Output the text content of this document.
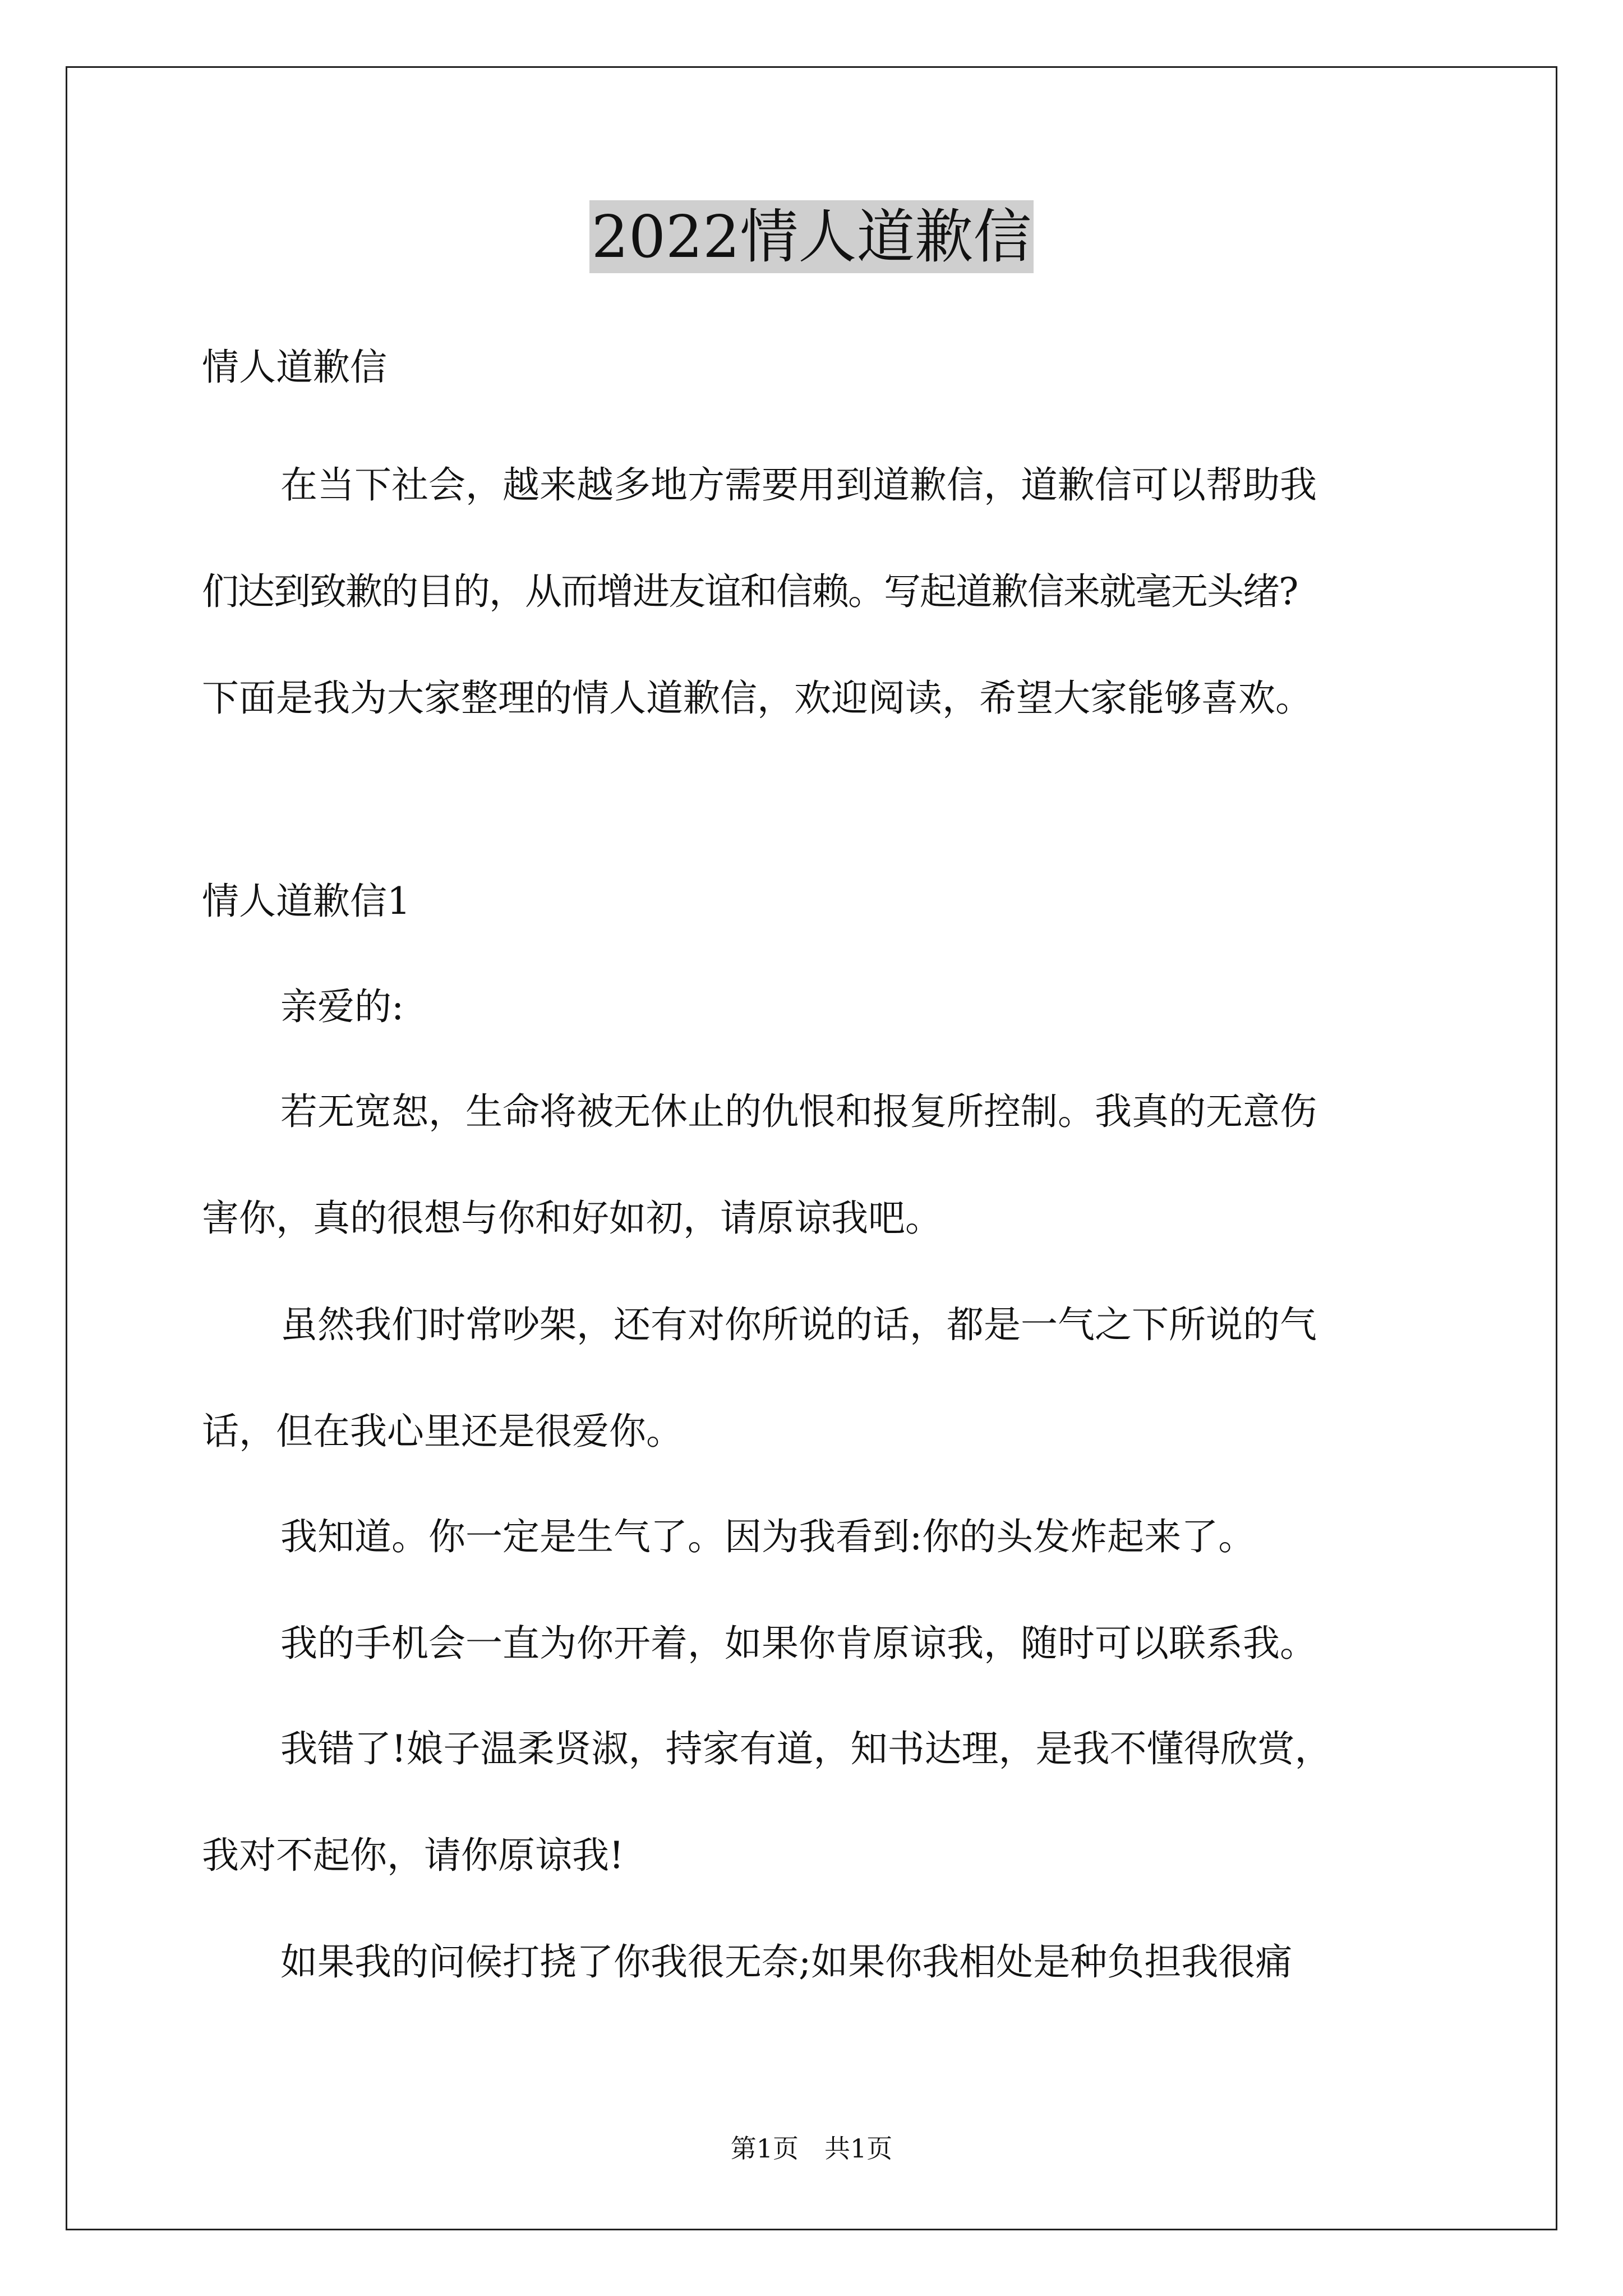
2022情人道歉信
情人道歉信
在当下社会，越来越多地方需要用到道歉信，道歉信可以帮助我
们达到致歉的目的，从而增进友谊和信赖。写起道歉信来就毫无头绪?
下面是我为大家整理的情人道歉信，欢迎阅读，希望大家能够喜欢。
情人道歉信1
亲爱的:
若无宽恕，生命将被无休止的仇恨和报复所控制。我真的无意伤
害你，真的很想与你和好如初，请原谅我吧。
虽然我们时常吵架，还有对你所说的话，都是一气之下所说的气
话，但在我心里还是很爱你。
我知道。你一定是生气了。因为我看到:你的头发炸起来了。
我的手机会一直为你开着，如果你肯原谅我，随时可以联系我。
我错了!娘子温柔贤淑，持家有道，知书达理，是我不懂得欣赏，
我对不起你，请你原谅我!
如果我的问候打挠了你我很无奈;如果你我相处是种负担我很痛
第1页　共1页
